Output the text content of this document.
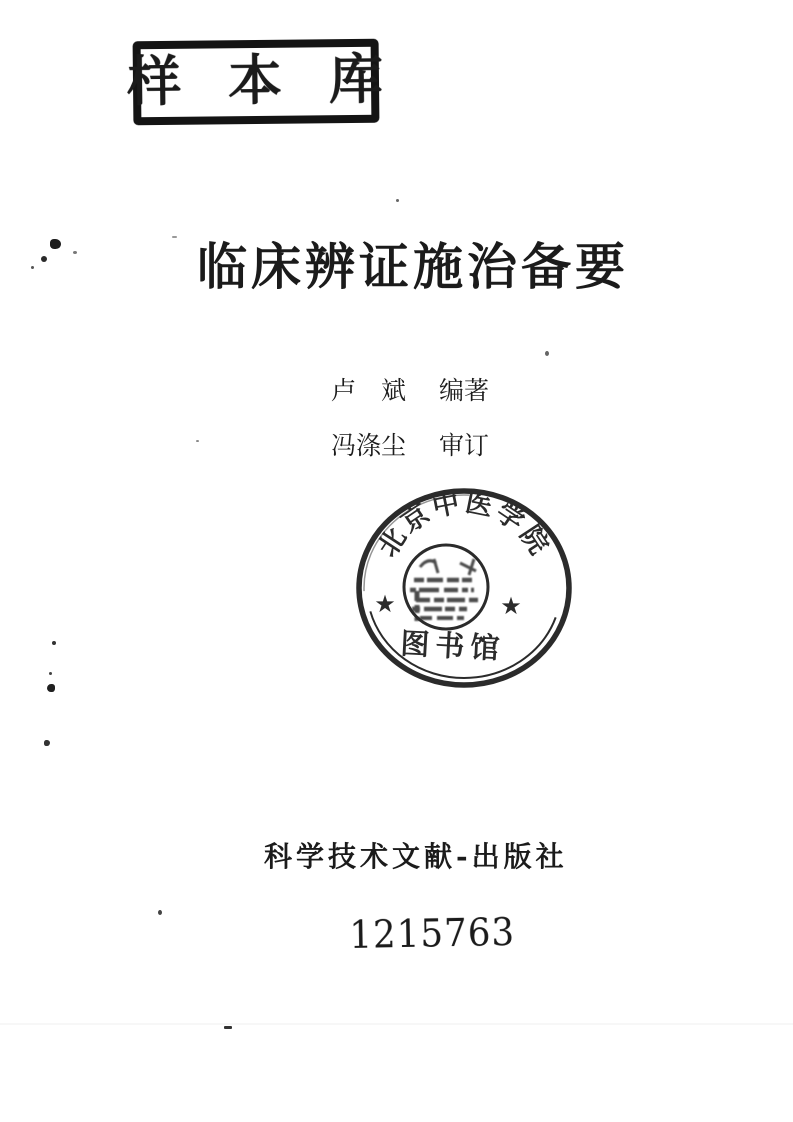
样 本 库
临床辨证施治备要
卢　斌 编著
冯涤尘 审订
北京中医学院
★	★
图书馆
科学技术文献-出版社
1215763
